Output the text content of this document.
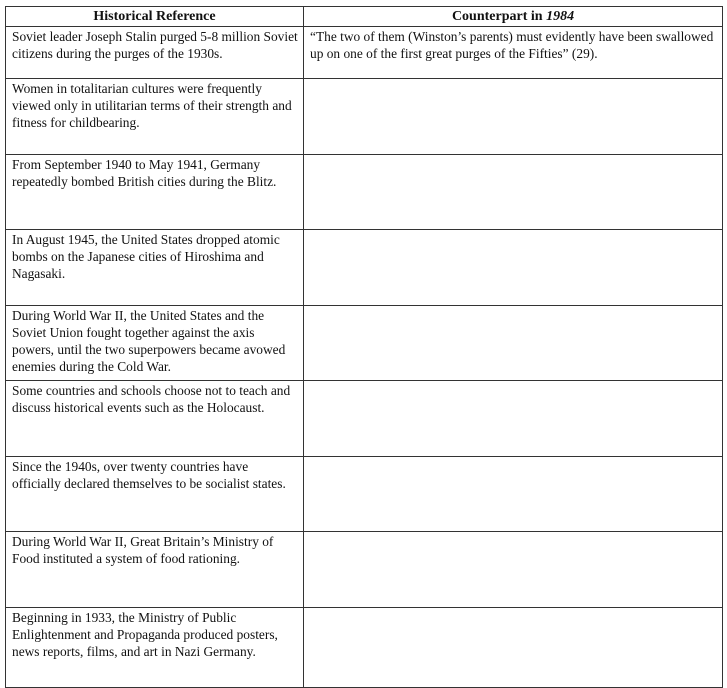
Historical Reference	Counterpart in 1984
Soviet leader Joseph Stalin purged 5-8 million Soviet citizens during the purges of the 1930s.	“The two of them (Winston’s parents) must evidently have been swallowed up on one of the first great purges of the Fifties” (29).
Women in totalitarian cultures were frequently viewed only in utilitarian terms of their strength and fitness for childbearing.	
From September 1940 to May 1941, Germany repeatedly bombed British cities during the Blitz.	
In August 1945, the United States dropped atomic bombs on the Japanese cities of Hiroshima and Nagasaki.	
During World War II, the United States and the Soviet Union fought together against the axis powers, until the two superpowers became avowed enemies during the Cold War.	
Some countries and schools choose not to teach and discuss historical events such as the Holocaust.	
Since the 1940s, over twenty countries have officially declared themselves to be socialist states.	
During World War II, Great Britain’s Ministry of Food instituted a system of food rationing.	
Beginning in 1933, the Ministry of Public Enlightenment and Propaganda produced posters, news reports, films, and art in Nazi Germany.	
